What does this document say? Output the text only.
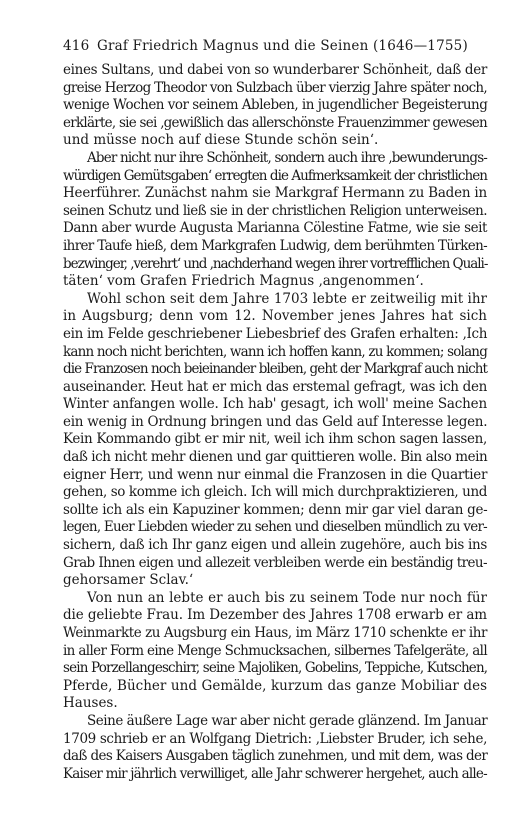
416 Graf Friedrich Magnus und die Seinen (1646—1755)

eines Sultans, und dabei von so wunderbarer Schönheit, daß der
greise Herzog Theodor von Sulzbach über vierzig Jahre später noch,
wenige Wochen vor seinem Ableben, in jugendlicher Begeisterung
erklärte, sie sei ‚gewißlich das allerschönste Frauenzimmer gewesen
und müsse noch auf diese Stunde schön sein‘.

Aber nicht nur ihre Schönheit, sondern auch ihre ‚bewunderungs-
würdigen Gemütsgaben‘ erregten die Aufmerksamkeit der christlichen
Heerführer. Zunächst nahm sie Markgraf Hermann zu Baden in
seinen Schutz und ließ sie in der christlichen Religion unterweisen.
Dann aber wurde Augusta Marianna Cölestine Fatme, wie sie seit
ihrer Taufe hieß, dem Markgrafen Ludwig, dem berühmten Türken-
bezwinger, ‚verehrt‘ und ‚nachderhand wegen ihrer vortrefflichen Quali-
täten‘ vom Grafen Friedrich Magnus ‚angenommen‘.

Wohl schon seit dem Jahre 1703 lebte er zeitweilig mit ihr
in Augsburg; denn vom 12. November jenes Jahres hat sich
ein im Felde geschriebener Liebesbrief des Grafen erhalten: ‚Ich
kann noch nicht berichten, wann ich hoffen kann, zu kommen; solang
die Franzosen noch beieinander bleiben, geht der Markgraf auch nicht
auseinander. Heut hat er mich das erstemal gefragt, was ich den
Winter anfangen wolle. Ich hab' gesagt, ich woll' meine Sachen
ein wenig in Ordnung bringen und das Geld auf Interesse legen.
Kein Kommando gibt er mir nit, weil ich ihm schon sagen lassen,
daß ich nicht mehr dienen und gar quittieren wolle. Bin also mein
eigner Herr, und wenn nur einmal die Franzosen in die Quartier
gehen, so komme ich gleich. Ich will mich durchpraktizieren, und
sollte ich als ein Kapuziner kommen; denn mir gar viel daran ge-
legen, Euer Liebden wieder zu sehen und dieselben mündlich zu ver-
sichern, daß ich Ihr ganz eigen und allein zugehöre, auch bis ins
Grab Ihnen eigen und allezeit verbleiben werde ein beständig treu-
gehorsamer Sclav.‘

Von nun an lebte er auch bis zu seinem Tode nur noch für
die geliebte Frau. Im Dezember des Jahres 1708 erwarb er am
Weinmarkte zu Augsburg ein Haus, im März 1710 schenkte er ihr
in aller Form eine Menge Schmucksachen, silbernes Tafelgeräte, all
sein Porzellangeschirr, seine Majoliken, Gobelins, Teppiche, Kutschen,
Pferde, Bücher und Gemälde, kurzum das ganze Mobiliar des
Hauses.

Seine äußere Lage war aber nicht gerade glänzend. Im Januar
1709 schrieb er an Wolfgang Dietrich: ‚Liebster Bruder, ich sehe,
daß des Kaisers Ausgaben täglich zunehmen, und mit dem, was der
Kaiser mir jährlich verwilliget, alle Jahr schwerer hergehet, auch alle-
